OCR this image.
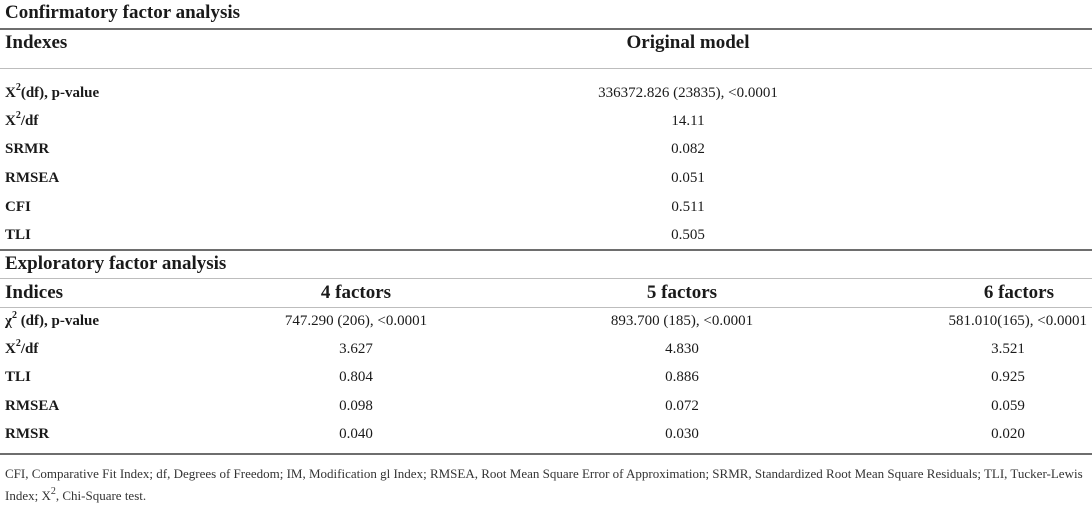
Confirmatory factor analysis
Indexes	Original model
$X^2(df)$, p-value	336372.826 (23835), <0.0001
$X^2/df$	14.11
SRMR	0.082
RMSEA	0.051
CFI	0.511
TLI	0.505
Exploratory factor analysis
Indices	4 factors	5 factors	6 factors
$\chi^2$ (df), p-value	747.290 (206), <0.0001	893.700 (185), <0.0001	581.010(165), <0.0001
$X^2/df$	3.627	4.830	3.521
TLI	0.804	0.886	0.925
RMSEA	0.098	0.072	0.059
RMSR	0.040	0.030	0.020
CFI, Comparative Fit Index; df, Degrees of Freedom; IM, Modification gl Index; RMSEA, Root Mean Square Error of Approximation; SRMR, Standardized Root Mean Square Residuals; TLI, Tucker-Lewis Index; $X^2$, Chi-Square test.
